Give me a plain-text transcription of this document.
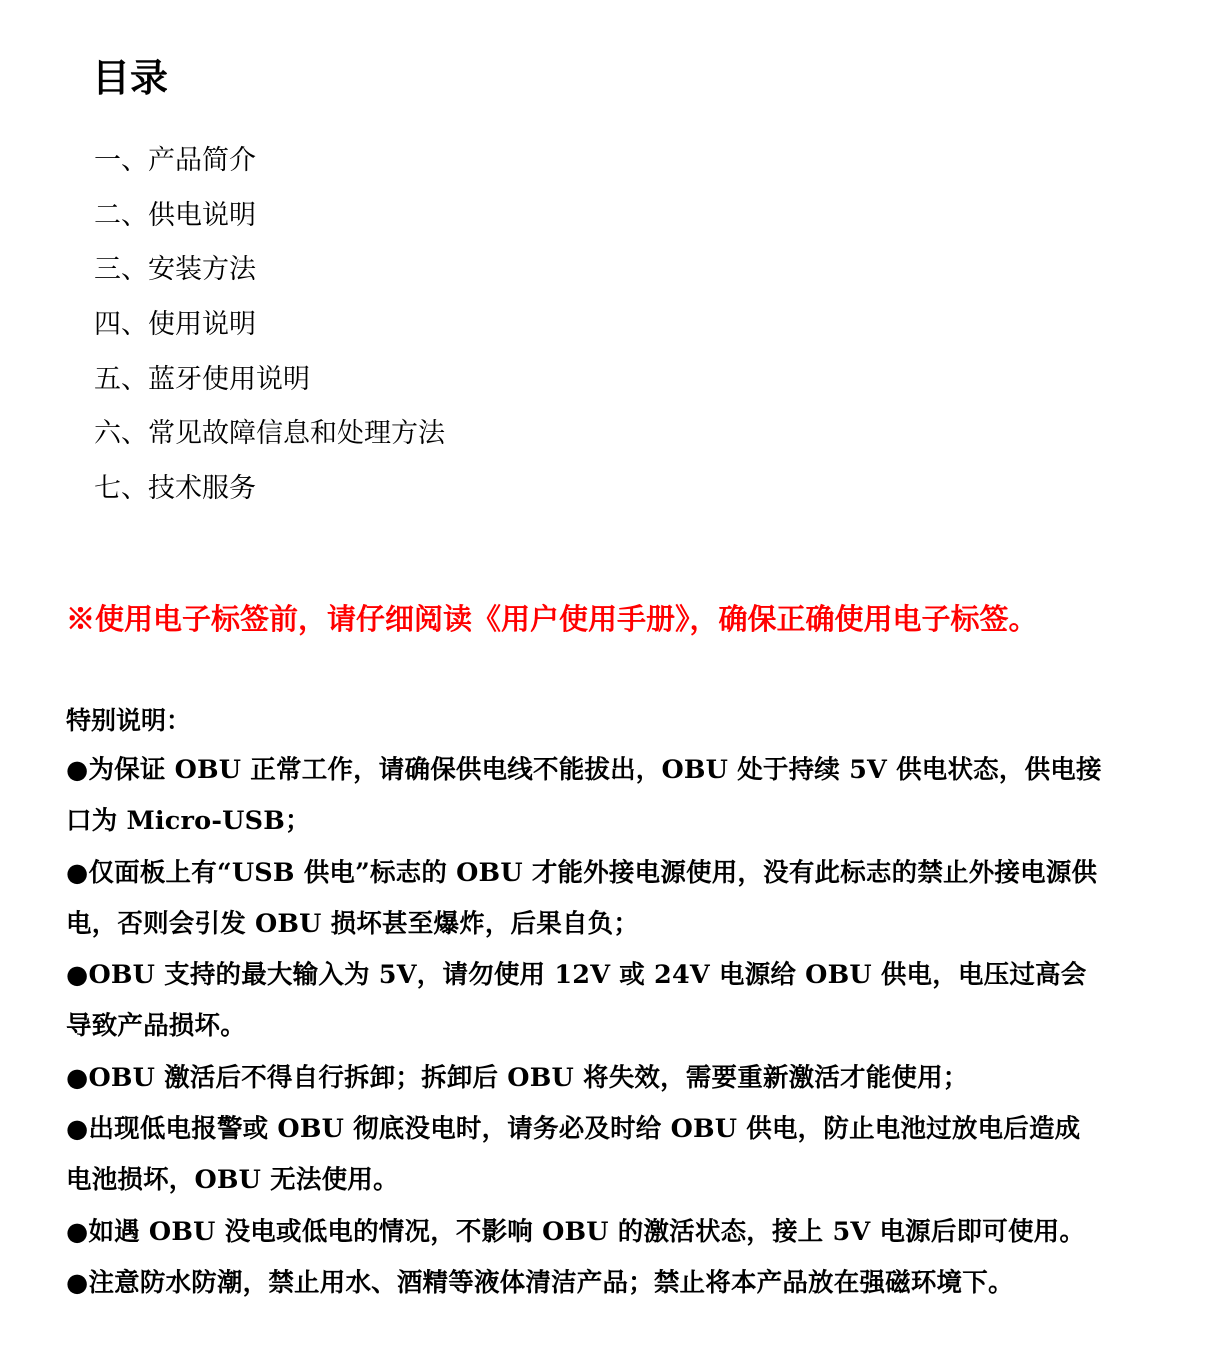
目录
一、产品简介
二、供电说明
三、安装方法
四、使用说明
五、蓝牙使用说明
六、常见故障信息和处理方法
七、技术服务

※使用电子标签前，请仔细阅读《用户使用手册》，确保正确使用电子标签。

特别说明：

●为保证 OBU 正常工作，请确保供电线不能拔出，OBU 处于持续 5V 供电状态，供电接口为 Micro-USB；
●仅面板上有“USB 供电”标志的 OBU 才能外接电源使用，没有此标志的禁止外接电源供电，否则会引发 OBU 损坏甚至爆炸，后果自负；
●OBU 支持的最大输入为 5V，请勿使用 12V 或 24V 电源给 OBU 供电，电压过高会导致产品损坏。
●OBU 激活后不得自行拆卸；拆卸后 OBU 将失效，需要重新激活才能使用；
●出现低电报警或 OBU 彻底没电时，请务必及时给 OBU 供电，防止电池过放电后造成电池损坏，OBU 无法使用。
●如遇 OBU 没电或低电的情况，不影响 OBU 的激活状态，接上 5V 电源后即可使用。
●注意防水防潮，禁止用水、酒精等液体清洁产品；禁止将本产品放在强磁环境下。
